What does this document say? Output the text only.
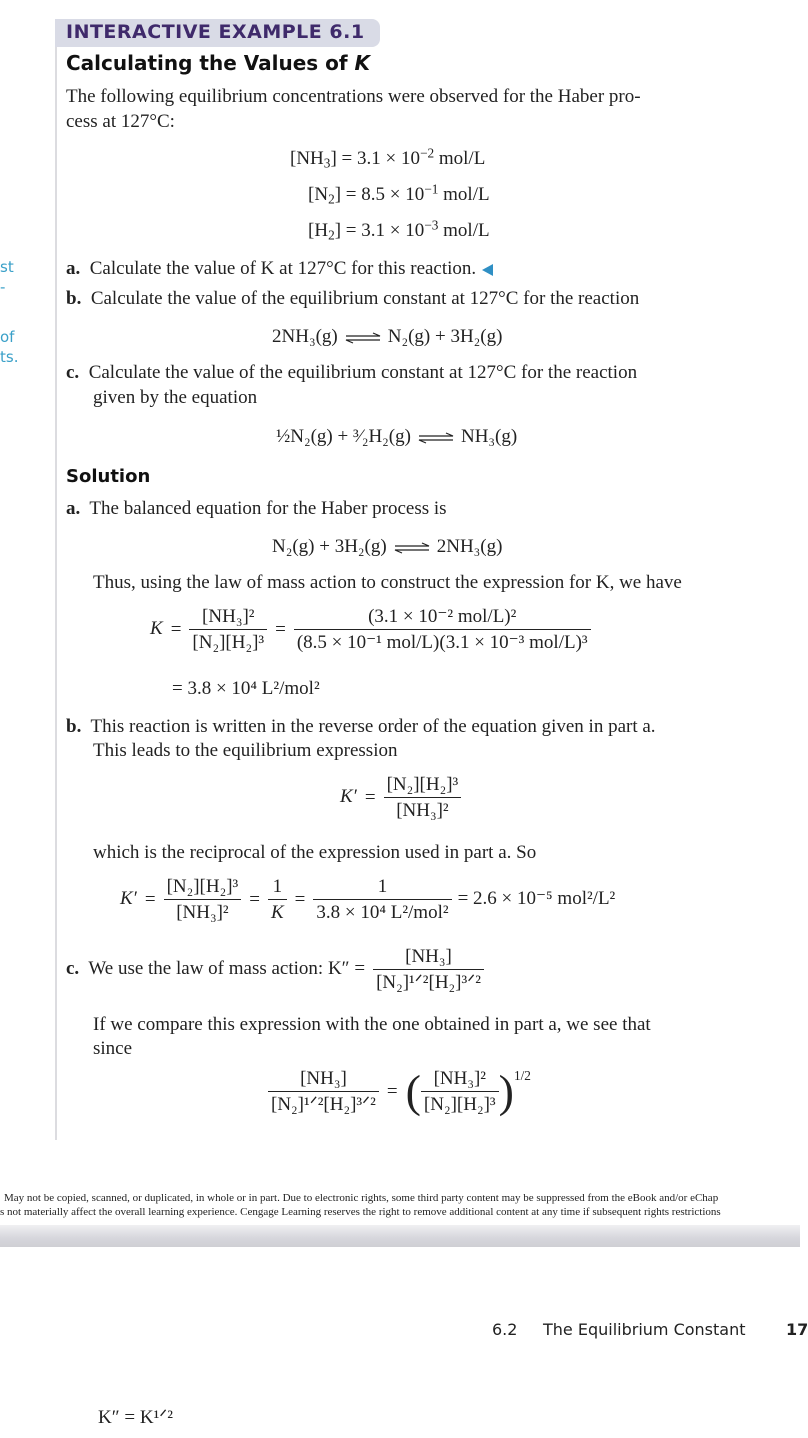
INTERACTIVE EXAMPLE 6.1
Calculating the Values of K
st
-
of
ts.
The following equilibrium concentrations were observed for the Haber pro-
cess at 127°C:
$[NH_3] = 3.1 \times 10^{-2}$ mol/L
$[N_2] = 8.5 \times 10^{-1}$ mol/L
$[H_2] = 3.1 \times 10^{-3}$ mol/L
a. Calculate the value of K at 127°C for this reaction.
b. Calculate the value of the equilibrium constant at 127°C for the reaction
2NH₃(g) ⇌ N₂(g) + 3H₂(g)
c. Calculate the value of the equilibrium constant at 127°C for the reaction
given by the equation
½N₂(g) + ³⁄₂H₂(g) ⇌ NH₃(g)
Solution
a. The balanced equation for the Haber process is
N₂(g) + 3H₂(g) ⇌ 2NH₃(g)
Thus, using the law of mass action to construct the expression for K, we have
$K = \frac{\text{[NH₃]²}}{\text{[N₂][H₂]³}} = \frac{\text{(3.1 × 10⁻² mol/L)²}}{\text{(8.5 × 10⁻¹ mol/L)(3.1 × 10⁻³ mol/L)³}}$
= 3.8 × 10⁴ L²/mol²
b. This reaction is written in the reverse order of the equation given in part a.
This leads to the equilibrium expression
$K' = \frac{\text{[N₂][H₂]³}}{\text{[NH₃]²}}$
which is the reciprocal of the expression used in part a. So
$K' = \frac{\text{[N₂][H₂]³}}{\text{[NH₃]²}} = \frac{1}{K} = \frac{1}{\text{3.8 × 10⁴ L²/mol²}} = 2.6 \times 10^{-5}$ mol²/L²
c. We use the law of mass action: $K'' = \frac{\text{[NH₃]}}{\text{[N₂]¹ᐟ²[H₂]³ᐟ²}}$
If we compare this expression with the one obtained in part a, we see that
since
$\frac{\text{[NH₃]}}{\text{[N₂]¹ᐟ²[H₂]³ᐟ²}}$ = ( $\frac{\text{[NH₃]²}}{\text{[N₂][H₂]³}} )^{1/2}$
May not be copied, scanned, or duplicated, in whole or in part. Due to electronic rights, some third party content may be suppressed from the eBook and/or eChap
s not materially affect the overall learning experience. Cengage Learning reserves the right to remove additional content at any time if subsequent rights restrictions
6.2 The Equilibrium Constant	17
K″ = K¹ᐟ²
